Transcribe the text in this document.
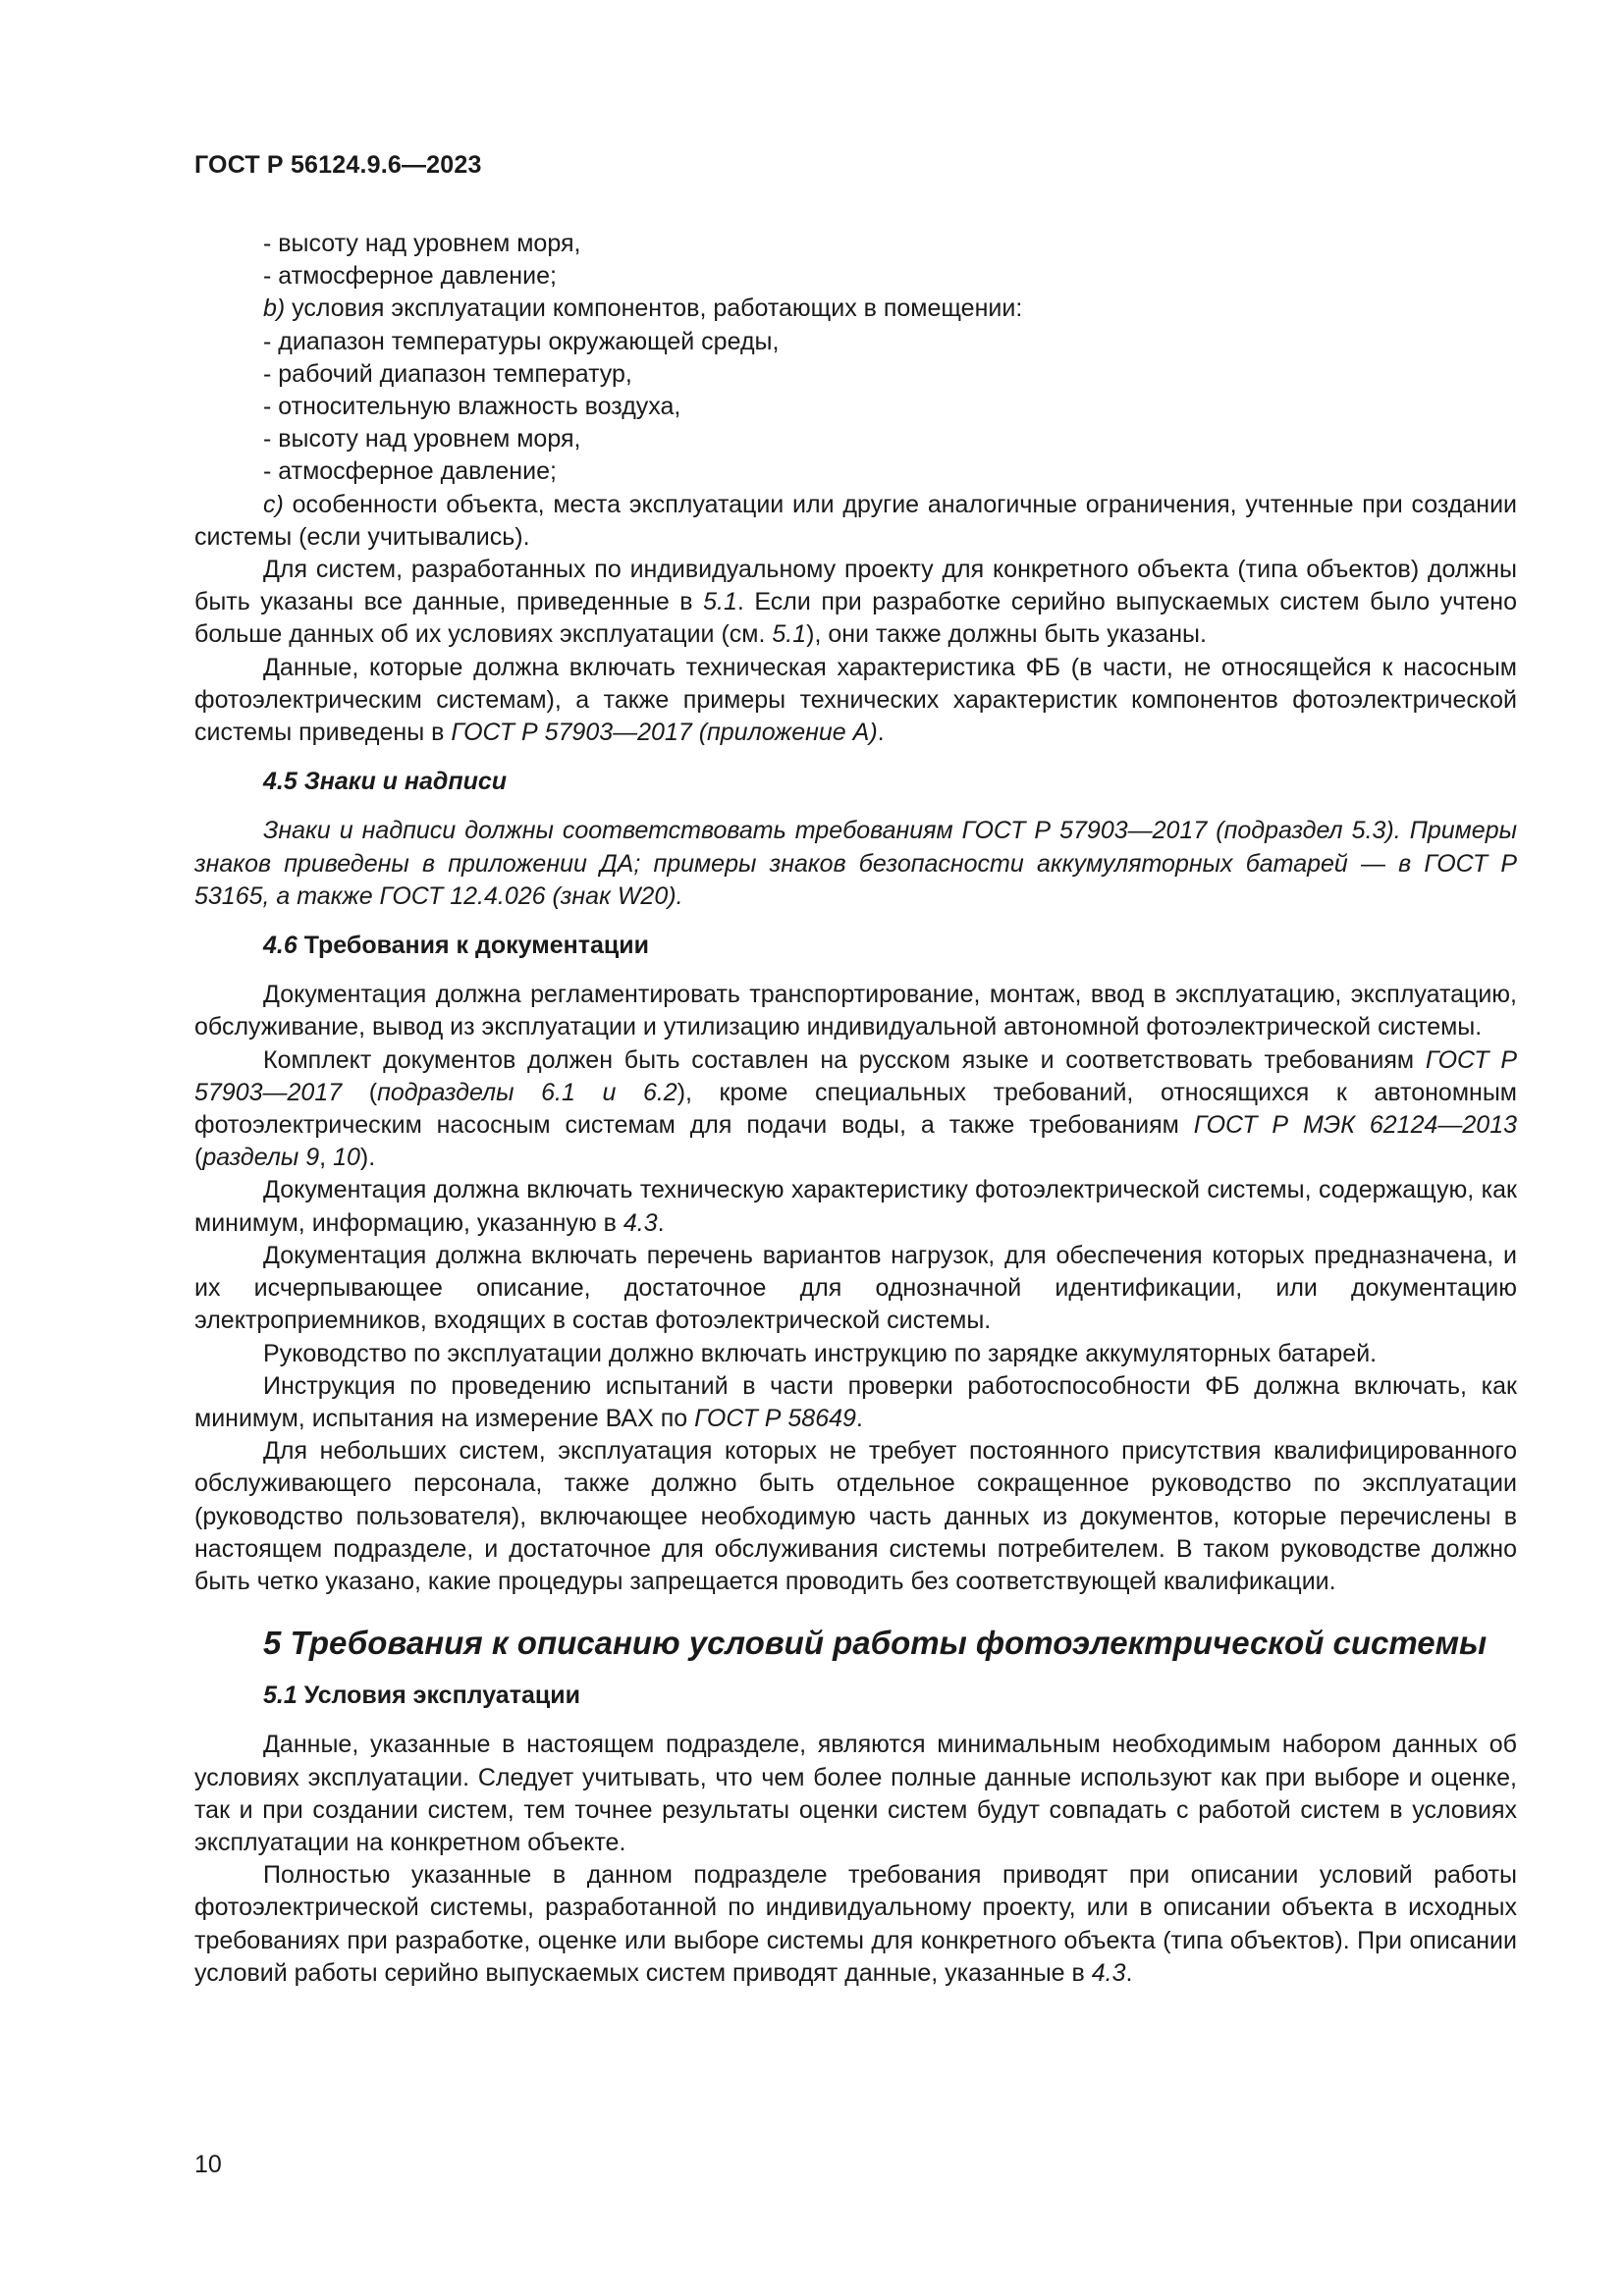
ГОСТ Р 56124.9.6—2023

- высоту над уровнем моря,

- атмосферное давление;

b) условия эксплуатации компонентов, работающих в помещении:

- диапазон температуры окружающей среды,

- рабочий диапазон температур,

- относительную влажность воздуха,

- высоту над уровнем моря,

- атмосферное давление;

c) особенности объекта, места эксплуатации или другие аналогичные ограничения, учтенные при создании системы (если учитывались).

Для систем, разработанных по индивидуальному проекту для конкретного объекта (типа объектов) должны быть указаны все данные, приведенные в 5.1. Если при разработке серийно выпускаемых систем было учтено больше данных об их условиях эксплуатации (см. 5.1), они также должны быть указаны.

Данные, которые должна включать техническая характеристика ФБ (в части, не относящейся к насосным фотоэлектрическим системам), а также примеры технических характеристик компонентов фотоэлектрической системы приведены в ГОСТ Р 57903—2017 (приложение А).

4.5 Знаки и надписи

Знаки и надписи должны соответствовать требованиям ГОСТ Р 57903—2017 (подраздел 5.3). Примеры знаков приведены в приложении ДА; примеры знаков безопасности аккумуляторных батарей — в ГОСТ Р 53165, а также ГОСТ 12.4.026 (знак W20).

4.6 Требования к документации

Документация должна регламентировать транспортирование, монтаж, ввод в эксплуатацию, эксплуатацию, обслуживание, вывод из эксплуатации и утилизацию индивидуальной автономной фотоэлектрической системы.

Комплект документов должен быть составлен на русском языке и соответствовать требованиям ГОСТ Р 57903—2017 (подразделы 6.1 и 6.2), кроме специальных требований, относящихся к автономным фотоэлектрическим насосным системам для подачи воды, а также требованиям ГОСТ Р МЭК 62124—2013 (разделы 9, 10).

Документация должна включать техническую характеристику фотоэлектрической системы, содержащую, как минимум, информацию, указанную в 4.3.

Документация должна включать перечень вариантов нагрузок, для обеспечения которых предназначена, и их исчерпывающее описание, достаточное для однозначной идентификации, или документацию электроприемников, входящих в состав фотоэлектрической системы.

Руководство по эксплуатации должно включать инструкцию по зарядке аккумуляторных батарей.

Инструкция по проведению испытаний в части проверки работоспособности ФБ должна включать, как минимум, испытания на измерение ВАХ по ГОСТ Р 58649.

Для небольших систем, эксплуатация которых не требует постоянного присутствия квалифицированного обслуживающего персонала, также должно быть отдельное сокращенное руководство по эксплуатации (руководство пользователя), включающее необходимую часть данных из документов, которые перечислены в настоящем подразделе, и достаточное для обслуживания системы потребителем. В таком руководстве должно быть четко указано, какие процедуры запрещается проводить без соответствующей квалификации.

5 Требования к описанию условий работы фотоэлектрической системы

5.1 Условия эксплуатации

Данные, указанные в настоящем подразделе, являются минимальным необходимым набором данных об условиях эксплуатации. Следует учитывать, что чем более полные данные используют как при выборе и оценке, так и при создании систем, тем точнее результаты оценки систем будут совпадать с работой систем в условиях эксплуатации на конкретном объекте.

Полностью указанные в данном подразделе требования приводят при описании условий работы фотоэлектрической системы, разработанной по индивидуальному проекту, или в описании объекта в исходных требованиях при разработке, оценке или выборе системы для конкретного объекта (типа объектов). При описании условий работы серийно выпускаемых систем приводят данные, указанные в 4.3.

10
